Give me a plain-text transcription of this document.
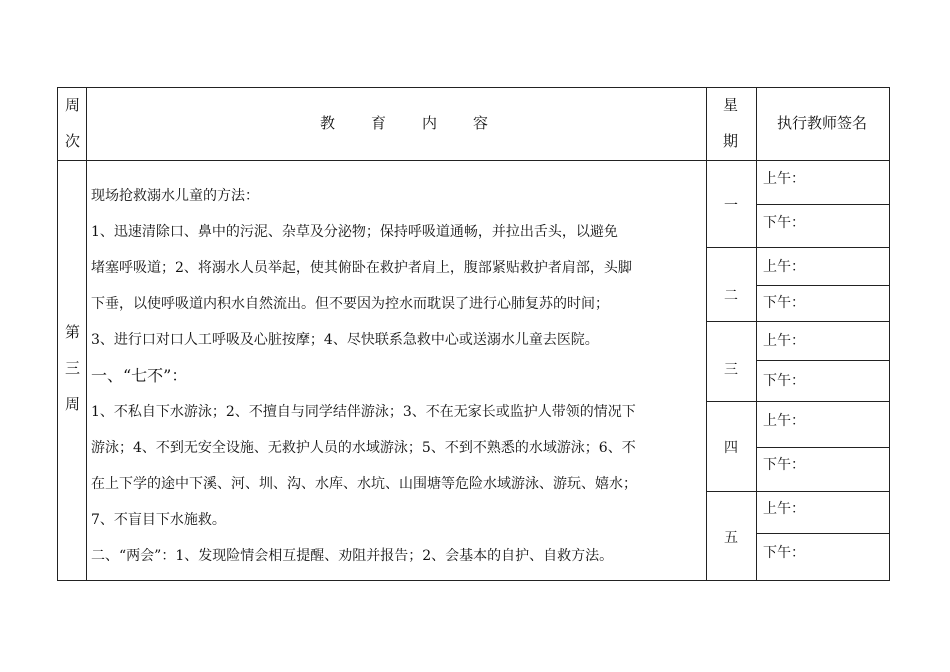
周
次
教　　育　　内　　容
星
期
执行教师签名
第
三
周

现场抢救溺水儿童的方法：

1、迅速清除口、鼻中的污泥、杂草及分泌物；保持呼吸道通畅，并拉出舌头，以避免

堵塞呼吸道；2、将溺水人员举起，使其俯卧在救护者肩上，腹部紧贴救护者肩部，头脚

下垂，以使呼吸道内积水自然流出。但不要因为控水而耽误了进行心肺复苏的时间；

3、进行口对口人工呼吸及心脏按摩；4、尽快联系急救中心或送溺水儿童去医院。

一、“七不”：

1、不私自下水游泳；2、不擅自与同学结伴游泳；3、不在无家长或监护人带领的情况下

游泳；4、不到无安全设施、无救护人员的水域游泳；5、不到不熟悉的水域游泳；6、不

在上下学的途中下溪、河、圳、沟、水库、水坑、山围塘等危险水域游泳、游玩、嬉水；

7、不盲目下水施救。

二、“两会”：1、发现险情会相互提醒、劝阻并报告；2、会基本的自护、自救方法。

一
二
三
四
五
上午：
下午：
上午：
下午：
上午：
下午：
上午：
下午：
上午：
下午：
